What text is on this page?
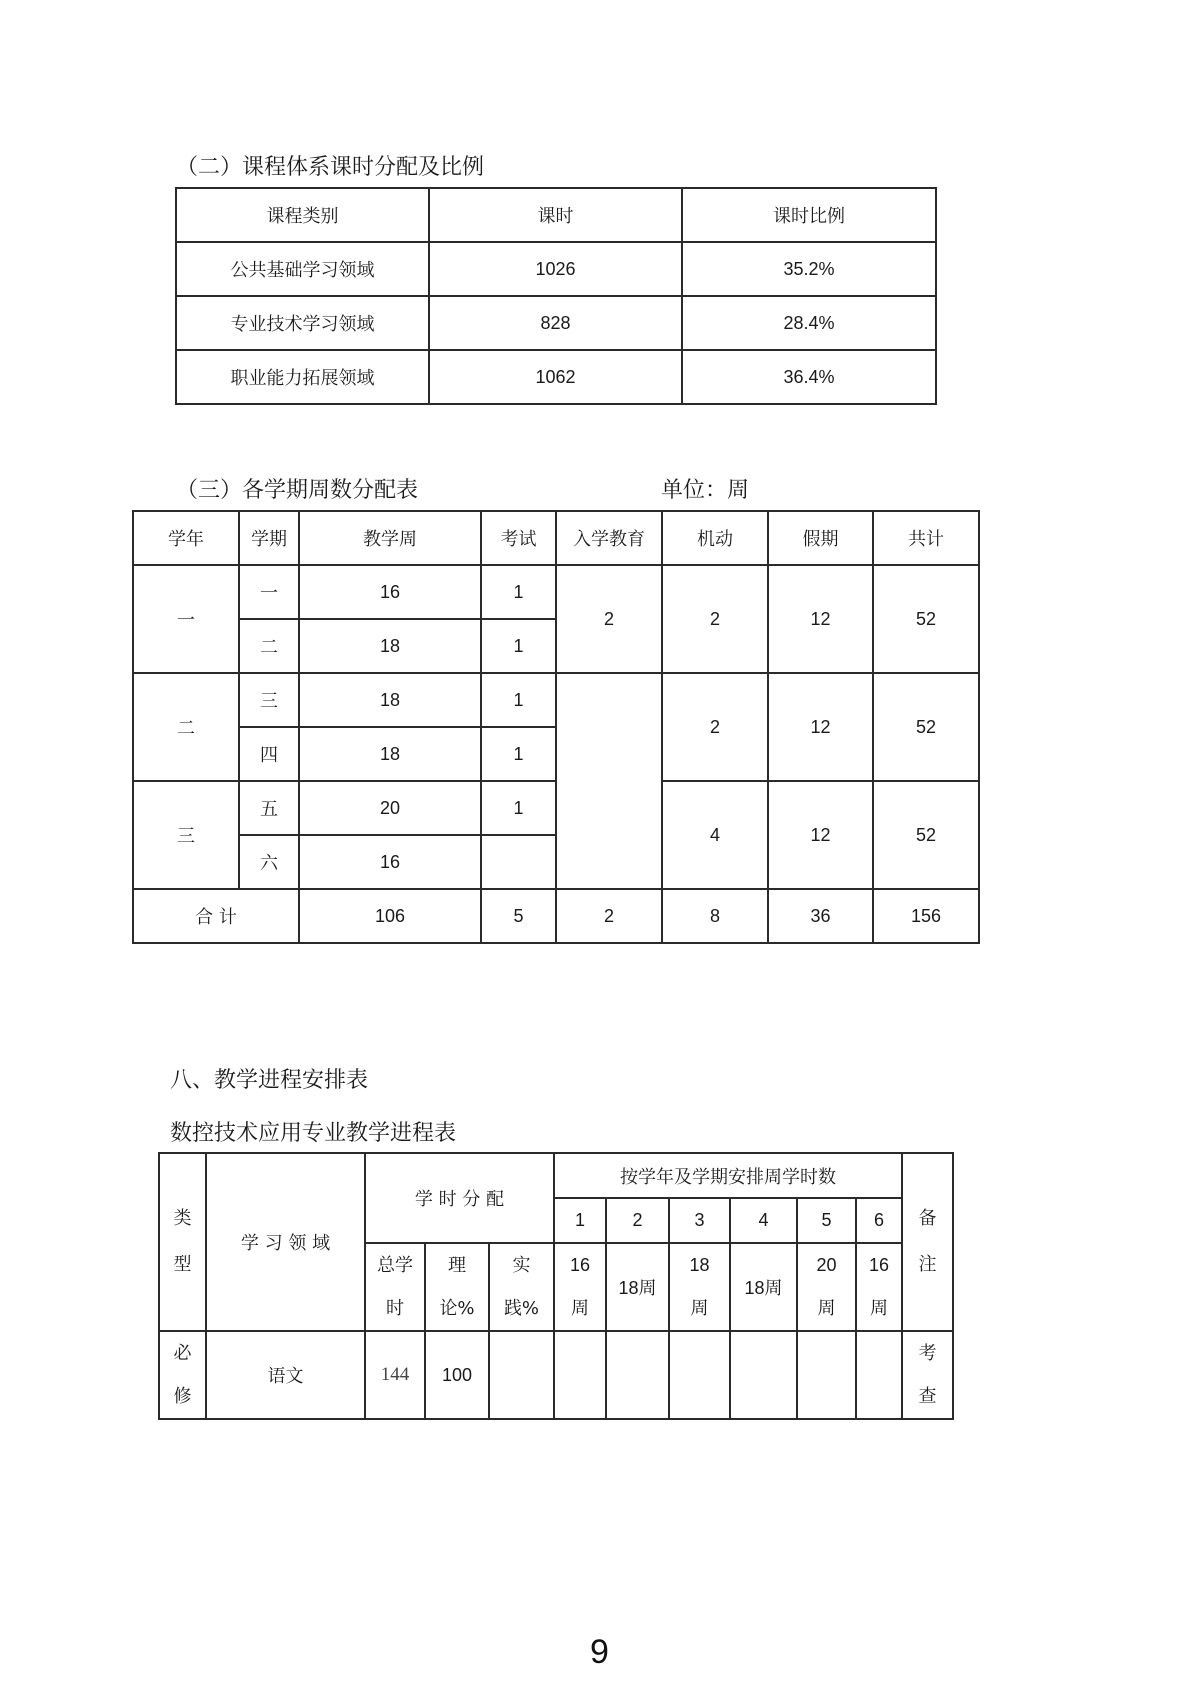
（二）课程体系课时分配及比例
课程类别	课时	课时比例
公共基础学习领域	1026	35.2%
专业技术学习领域	828	28.4%
职业能力拓展领域	1062	36.4%
（三）各学期周数分配表	单位：周
学年	学期	教学周	考试	入学教育	机动	假期	共计
一	一	16	1	2	2	12	52
	二	18	1				
二	三	18	1		2	12	52
	四	18	1				
三	五	20	1		4	12	52
	六	16					
合 计		106	5	2	8	36	156
八、教学进程安排表
数控技术应用专业教学进程表
类型	学 习 领 域	学 时 分 配			按学年及学期安排周学时数						备注
					1	2	3	4	5	6	
		总学时	理论%	实践%	16周	18周	18周	18周	20周	16周	
必修	语文	144	100								考查
9
